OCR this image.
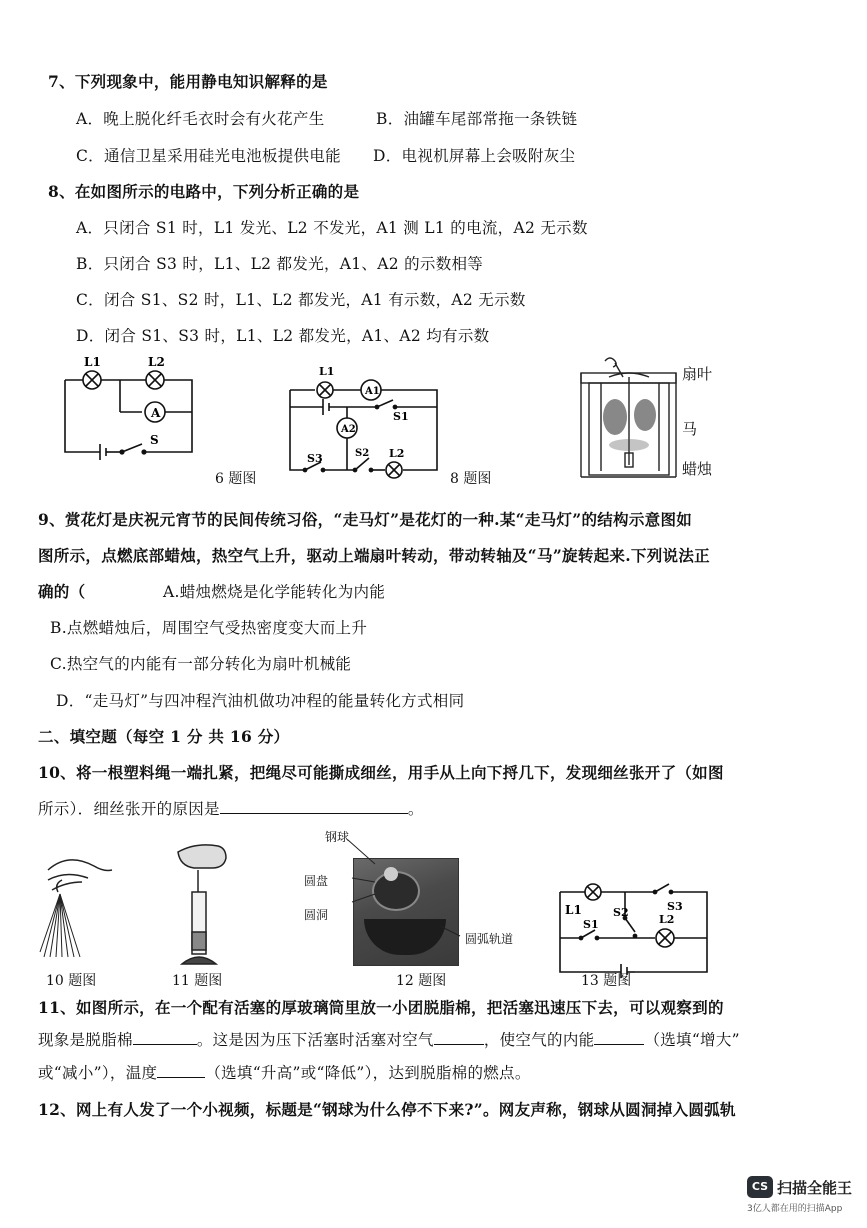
7、下列现象中，能用静电知识解释的是
A．晚上脱化纤毛衣时会有火花产生	B．油罐车尾部常拖一条铁链
C．通信卫星采用硅光电池板提供电能 D．电视机屏幕上会吸附灰尘
8、在如图所示的电路中，下列分析正确的是
A．只闭合 S1 时，L1 发光、L2 不发光，A1 测 L1 的电流，A2 无示数
B．只闭合 S3 时，L1、L2 都发光，A1、A2 的示数相等
C．闭合 S1、S2 时，L1、L2 都发光，A1 有示数，A2 无示数
D．闭合 S1、S3 时，L1、L2 都发光，A1、A2 均有示数
L1	L2
A
S
6 题图
L1
A1
A2
S1
S2
S3	L2
8 题图
扇叶
马
蜡烛
9、赏花灯是庆祝元宵节的民间传统习俗，“走马灯”是花灯的一种.某“走马灯”的结构示意图如
图所示，点燃底部蜡烛，热空气上升，驱动上端扇叶转动，带动转轴及“马”旋转起来.下列说法正
确的（	A.蜡烛燃烧是化学能转化为内能
B.点燃蜡烛后，周围空气受热密度变大而上升
C.热空气的内能有一部分转化为扇叶机械能
D．“走马灯”与四冲程汽油机做功冲程的能量转化方式相同
二、填空题（每空 1 分 共 16 分）
10、将一根塑料绳一端扎紧，把绳尽可能撕成细丝，用手从上向下捋几下，发现细丝张开了（如图
所示）．细丝张开的原因是	。
钢球
圆盘
圆洞
圆弧轨道
L1
S1
S2	S3
L2
10 题图	11 题图	12 题图	13 题图
11、如图所示，在一个配有活塞的厚玻璃筒里放一小团脱脂棉，把活塞迅速压下去，可以观察到的
现象是脱脂棉	。这是因为压下活塞时活塞对空气	，使空气的内能	（选填“增大”
或“减小”），温度	（选填“升高”或“降低”），达到脱脂棉的燃点。
12、网上有人发了一个小视频，标题是“钢球为什么停不下来?”。网友声称，钢球从圆洞掉入圆弧轨
CS 扫描全能王
3亿人都在用的扫描App
